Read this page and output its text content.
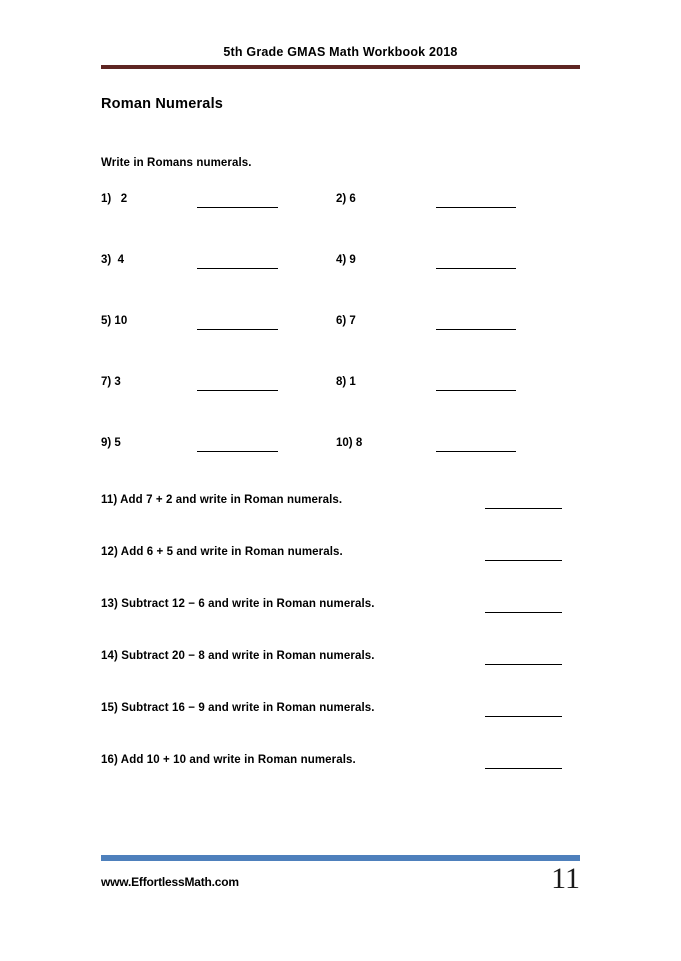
5th Grade GMAS Math Workbook 2018
Roman Numerals
Write in Romans numerals.
1)   2	2) 6
3)  4	4) 9
5) 10	6) 7
7) 3	8) 1
9) 5	10) 8
11) Add 7 + 2 and write in Roman numerals.
12) Add 6 + 5 and write in Roman numerals.
13) Subtract 12 − 6 and write in Roman numerals.
14) Subtract 20 − 8 and write in Roman numerals.
15) Subtract 16 − 9 and write in Roman numerals.
16) Add 10 + 10 and write in Roman numerals.
www.EffortlessMath.com	11
